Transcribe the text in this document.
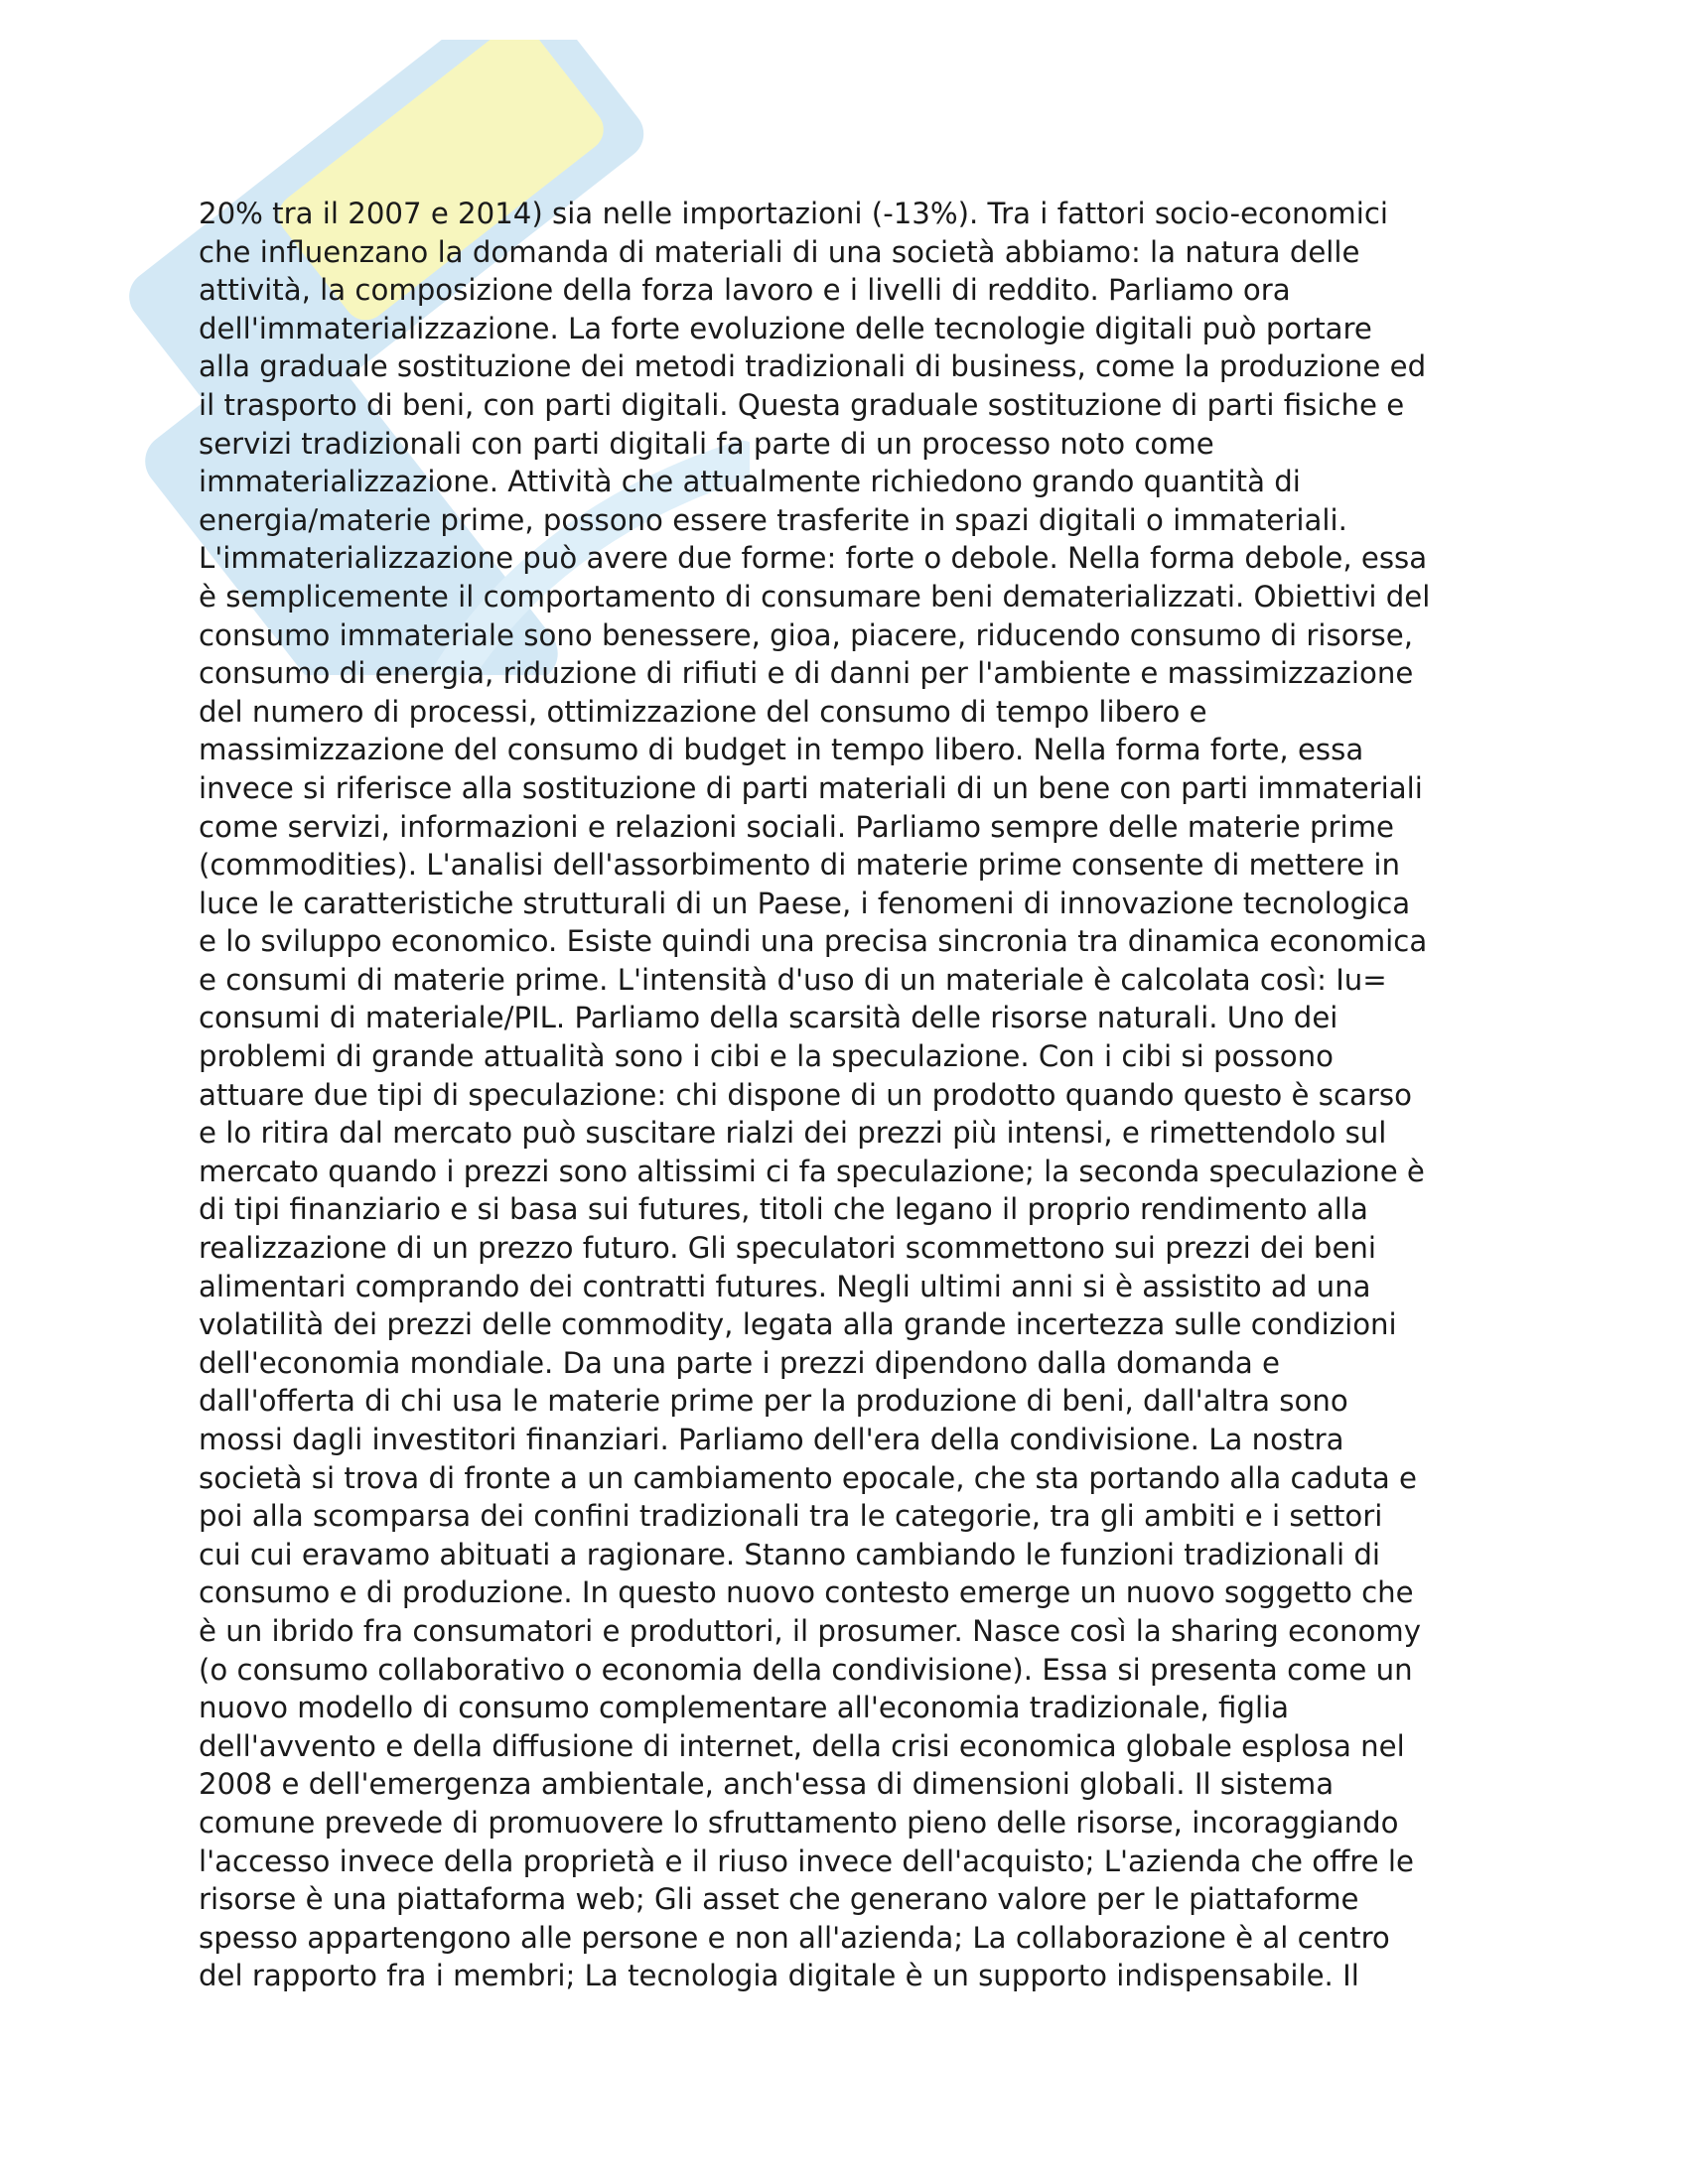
20% tra il 2007 e 2014) sia nelle importazioni (-13%). Tra i fattori socio-economici
che influenzano la domanda di materiali di una società abbiamo: la natura delle
attività, la composizione della forza lavoro e i livelli di reddito. Parliamo ora
dell'immaterializzazione. La forte evoluzione delle tecnologie digitali può portare
alla graduale sostituzione dei metodi tradizionali di business, come la produzione ed
il trasporto di beni, con parti digitali. Questa graduale sostituzione di parti fisiche e
servizi tradizionali con parti digitali fa parte di un processo noto come
immaterializzazione. Attività che attualmente richiedono grando quantità di
energia/materie prime, possono essere trasferite in spazi digitali o immateriali.
L'immaterializzazione può avere due forme: forte o debole. Nella forma debole, essa
è semplicemente il comportamento di consumare beni dematerializzati. Obiettivi del
consumo immateriale sono benessere, gioa, piacere, riducendo consumo di risorse,
consumo di energia, riduzione di rifiuti e di danni per l'ambiente e massimizzazione
del numero di processi, ottimizzazione del consumo di tempo libero e
massimizzazione del consumo di budget in tempo libero. Nella forma forte, essa
invece si riferisce alla sostituzione di parti materiali di un bene con parti immateriali
come servizi, informazioni e relazioni sociali. Parliamo sempre delle materie prime
(commodities). L'analisi dell'assorbimento di materie prime consente di mettere in
luce le caratteristiche strutturali di un Paese, i fenomeni di innovazione tecnologica
e lo sviluppo economico. Esiste quindi una precisa sincronia tra dinamica economica
e consumi di materie prime. L'intensità d'uso di un materiale è calcolata così: Iu=
consumi di materiale/PIL. Parliamo della scarsità delle risorse naturali. Uno dei
problemi di grande attualità sono i cibi e la speculazione. Con i cibi si possono
attuare due tipi di speculazione: chi dispone di un prodotto quando questo è scarso
e lo ritira dal mercato può suscitare rialzi dei prezzi più intensi, e rimettendolo sul
mercato quando i prezzi sono altissimi ci fa speculazione; la seconda speculazione è
di tipi finanziario e si basa sui futures, titoli che legano il proprio rendimento alla
realizzazione di un prezzo futuro. Gli speculatori scommettono sui prezzi dei beni
alimentari comprando dei contratti futures. Negli ultimi anni si è assistito ad una
volatilità dei prezzi delle commodity, legata alla grande incertezza sulle condizioni
dell'economia mondiale. Da una parte i prezzi dipendono dalla domanda e
dall'offerta di chi usa le materie prime per la produzione di beni, dall'altra sono
mossi dagli investitori finanziari. Parliamo dell'era della condivisione. La nostra
società si trova di fronte a un cambiamento epocale, che sta portando alla caduta e
poi alla scomparsa dei confini tradizionali tra le categorie, tra gli ambiti e i settori
cui cui eravamo abituati a ragionare. Stanno cambiando le funzioni tradizionali di
consumo e di produzione. In questo nuovo contesto emerge un nuovo soggetto che
è un ibrido fra consumatori e produttori, il prosumer. Nasce così la sharing economy
(o consumo collaborativo o economia della condivisione). Essa si presenta come un
nuovo modello di consumo complementare all'economia tradizionale, figlia
dell'avvento e della diffusione di internet, della crisi economica globale esplosa nel
2008 e dell'emergenza ambientale, anch'essa di dimensioni globali. Il sistema
comune prevede di promuovere lo sfruttamento pieno delle risorse, incoraggiando
l'accesso invece della proprietà e il riuso invece dell'acquisto; L'azienda che offre le
risorse è una piattaforma web; Gli asset che generano valore per le piattaforme
spesso appartengono alle persone e non all'azienda; La collaborazione è al centro
del rapporto fra i membri; La tecnologia digitale è un supporto indispensabile. Il
